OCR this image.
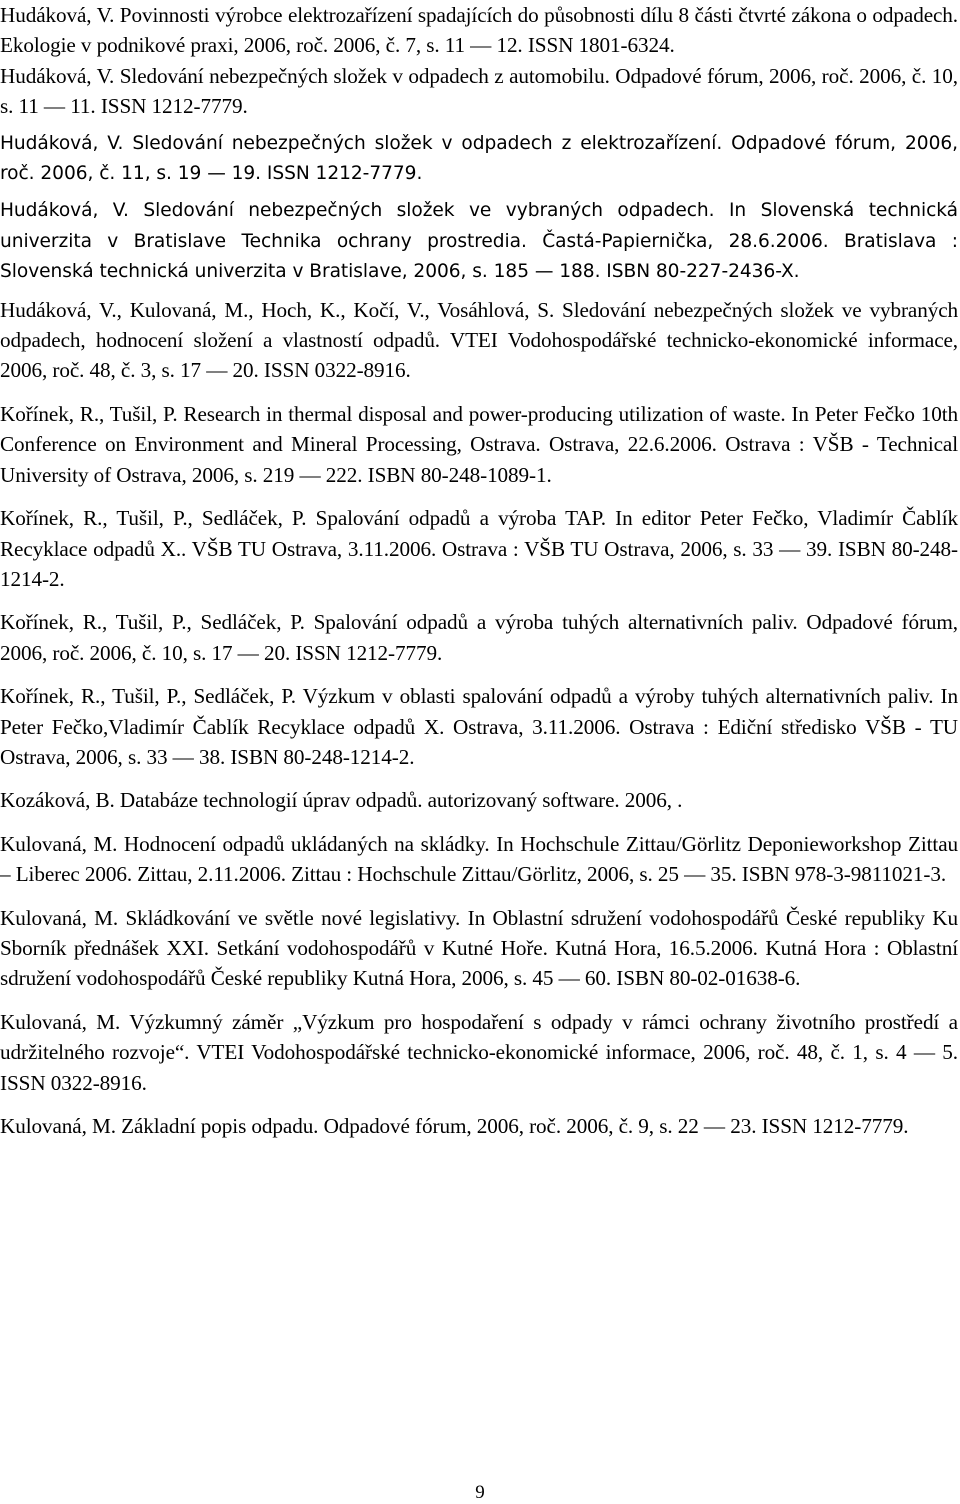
Hudáková, V. Povinnosti výrobce elektrozařízení spadajících do působnosti dílu 8 části čtvrté zákona o odpadech. Ekologie v podnikové praxi, 2006, roč. 2006, č. 7, s. 11 — 12. ISSN 1801-6324.

Hudáková, V. Sledování nebezpečných složek v odpadech z automobilu. Odpadové fórum, 2006, roč. 2006, č. 10, s. 11 — 11. ISSN 1212-7779.

Hudáková, V. Sledování nebezpečných složek v odpadech z elektrozařízení. Odpadové fórum, 2006, roč. 2006, č. 11, s. 19 — 19. ISSN 1212-7779.

Hudáková, V. Sledování nebezpečných složek ve vybraných odpadech. In Slovenská technická univerzita v Bratislave Technika ochrany prostredia. Častá-Papiernička, 28.6.2006. Bratislava : Slovenská technická univerzita v Bratislave, 2006, s. 185 — 188. ISBN 80-227-2436-X.

Hudáková, V., Kulovaná, M., Hoch, K., Kočí, V., Vosáhlová, S. Sledování nebezpečných složek ve vybraných odpadech, hodnocení složení a vlastností odpadů. VTEI Vodohospodářské technicko-ekonomické informace, 2006, roč. 48, č. 3, s. 17 — 20. ISSN 0322-8916.

Kořínek, R., Tušil, P. Research in thermal disposal and power-producing utilization of waste. In Peter Fečko 10th Conference on Environment and Mineral Processing, Ostrava. Ostrava, 22.6.2006. Ostrava : VŠB - Technical University of Ostrava, 2006, s. 219 — 222. ISBN 80-248-1089-1.

Kořínek, R., Tušil, P., Sedláček, P. Spalování odpadů a výroba TAP. In editor Peter Fečko, Vladimír Čablík Recyklace odpadů X.. VŠB TU Ostrava, 3.11.2006. Ostrava : VŠB TU Ostrava, 2006, s. 33 — 39. ISBN 80-248-1214-2.

Kořínek, R., Tušil, P., Sedláček, P. Spalování odpadů a výroba tuhých alternativních paliv. Odpadové fórum, 2006, roč. 2006, č. 10, s. 17 — 20. ISSN 1212-7779.

Kořínek, R., Tušil, P., Sedláček, P. Výzkum v oblasti spalování odpadů a výroby tuhých alternativních paliv. In Peter Fečko,Vladimír Čablík Recyklace odpadů X. Ostrava, 3.11.2006. Ostrava : Ediční středisko VŠB - TU Ostrava, 2006, s. 33 — 38. ISBN 80-248-1214-2.

Kozáková, B. Databáze technologií úprav odpadů. autorizovaný software. 2006, .

Kulovaná, M. Hodnocení odpadů ukládaných na skládky. In Hochschule Zittau/Görlitz Deponieworkshop Zittau – Liberec 2006. Zittau, 2.11.2006. Zittau : Hochschule Zittau/Görlitz, 2006, s. 25 — 35. ISBN 978-3-9811021-3.

Kulovaná, M. Skládkování ve světle nové legislativy. In Oblastní sdružení vodohospodářů České republiky Ku Sborník přednášek XXI. Setkání vodohospodářů v Kutné Hoře. Kutná Hora, 16.5.2006. Kutná Hora : Oblastní sdružení vodohospodářů České republiky Kutná Hora, 2006, s. 45 — 60. ISBN 80-02-01638-6.

Kulovaná, M. Výzkumný záměr „Výzkum pro hospodaření s odpady v rámci ochrany životního prostředí a udržitelného rozvoje“. VTEI Vodohospodářské technicko-ekonomické informace, 2006, roč. 48, č. 1, s. 4 — 5. ISSN 0322-8916.

Kulovaná, M. Základní popis odpadu. Odpadové fórum, 2006, roč. 2006, č. 9, s. 22 — 23. ISSN 1212-7779.

9
